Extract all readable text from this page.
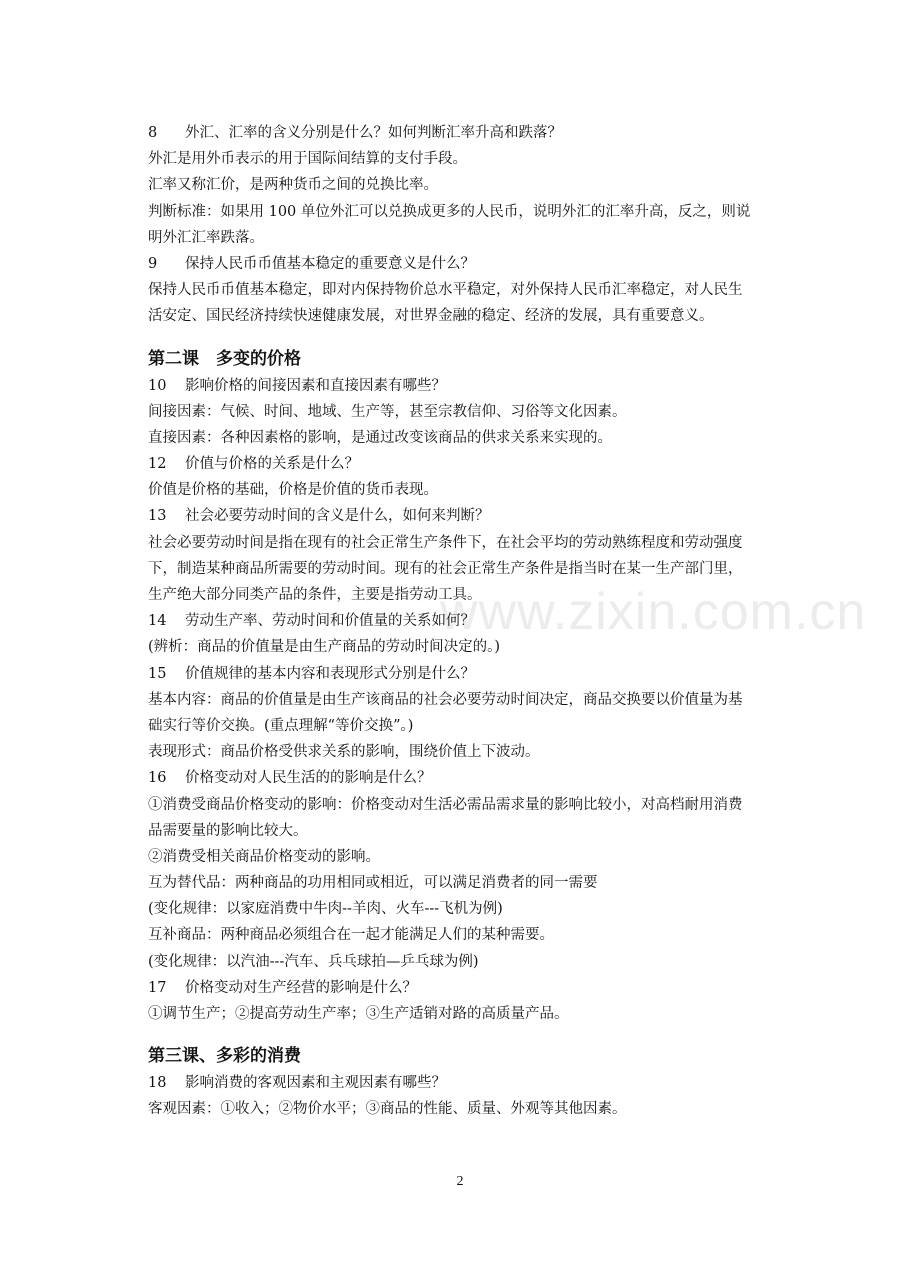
www.zixin.com.cn
8 外汇、汇率的含义分别是什么？如何判断汇率升高和跌落？
外汇是用外币表示的用于国际间结算的支付手段。
汇率又称汇价，是两种货币之间的兑换比率。
判断标准：如果用 100 单位外汇可以兑换成更多的人民币，说明外汇的汇率升高，反之，则说
明外汇汇率跌落。
9 保持人民币币值基本稳定的重要意义是什么？
保持人民币币值基本稳定，即对内保持物价总水平稳定，对外保持人民币汇率稳定，对人民生
活安定、国民经济持续快速健康发展，对世界金融的稳定、经济的发展，具有重要意义。
第二课　多变的价格
10 影响价格的间接因素和直接因素有哪些？
间接因素：气候、时间、地域、生产等，甚至宗教信仰、习俗等文化因素。
直接因素：各种因素格的影响，是通过改变该商品的供求关系来实现的。
12 价值与价格的关系是什么？
价值是价格的基础，价格是价值的货币表现。
13 社会必要劳动时间的含义是什么，如何来判断？
社会必要劳动时间是指在现有的社会正常生产条件下，在社会平均的劳动熟练程度和劳动强度
下，制造某种商品所需要的劳动时间。现有的社会正常生产条件是指当时在某一生产部门里，
生产绝大部分同类产品的条件，主要是指劳动工具。
14 劳动生产率、劳动时间和价值量的关系如何？
(辨析：商品的价值量是由生产商品的劳动时间决定的。)
15 价值规律的基本内容和表现形式分别是什么？
基本内容：商品的价值量是由生产该商品的社会必要劳动时间决定，商品交换要以价值量为基
础实行等价交换。(重点理解“等价交换”。)
表现形式：商品价格受供求关系的影响，围绕价值上下波动。
16 价格变动对人民生活的的影响是什么？
①消费受商品价格变动的影响：价格变动对生活必需品需求量的影响比较小，对高档耐用消费
品需要量的影响比较大。
②消费受相关商品价格变动的影响。
互为替代品：两种商品的功用相同或相近，可以满足消费者的同一需要
(变化规律：以家庭消费中牛肉--羊肉、火车---飞机为例)
互补商品：两种商品必须组合在一起才能满足人们的某种需要。
(变化规律：以汽油---汽车、兵乓球拍—乒乓球为例)
17 价格变动对生产经营的影响是什么？
①调节生产；②提高劳动生产率；③生产适销对路的高质量产品。
第三课、多彩的消费
18 影响消费的客观因素和主观因素有哪些？
客观因素：①收入；②物价水平；③商品的性能、质量、外观等其他因素。
2
